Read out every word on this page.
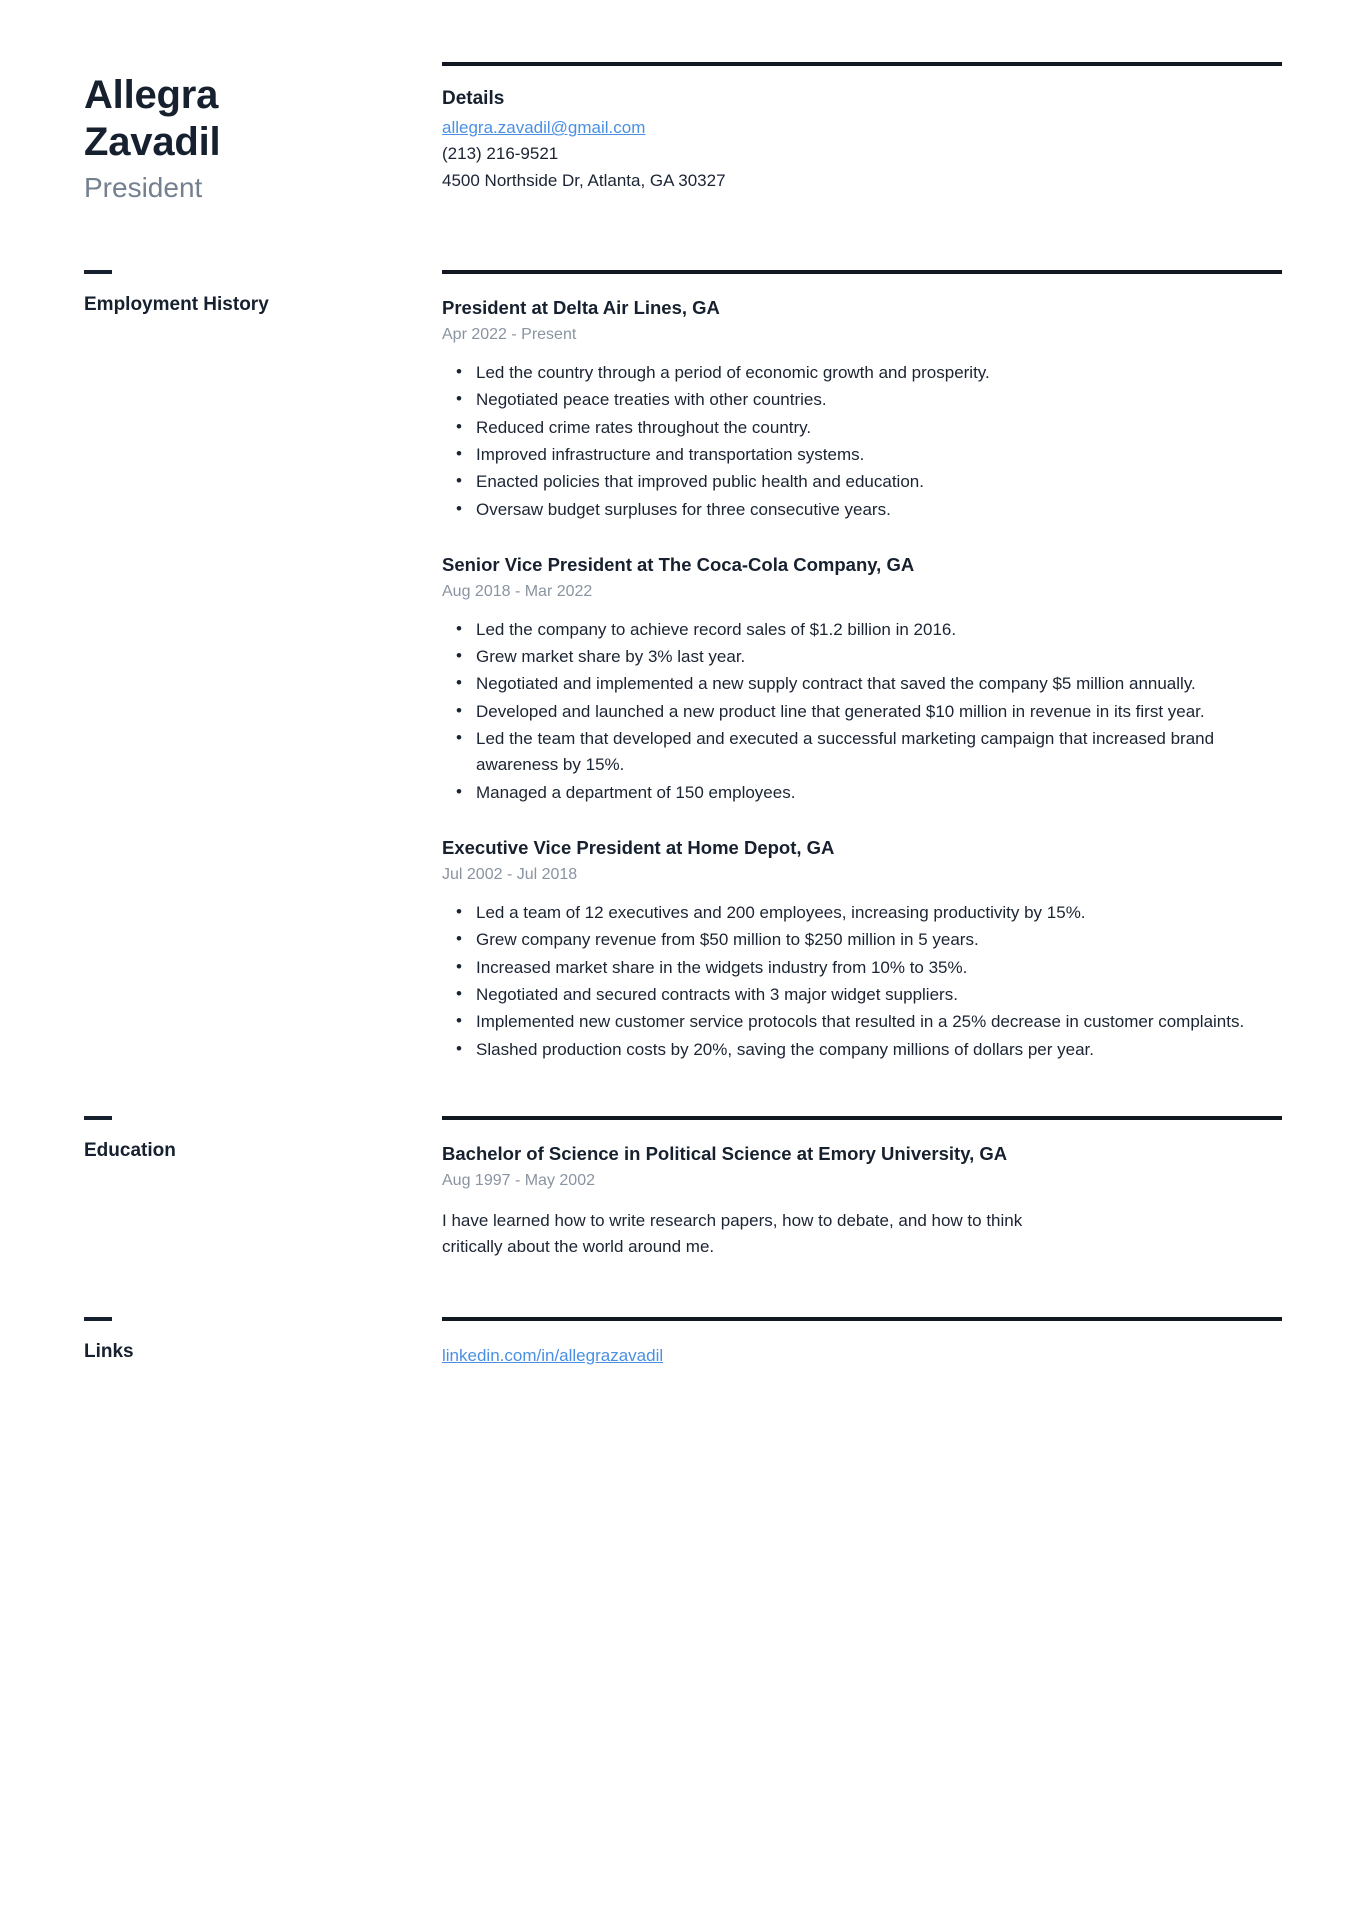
Allegra
Zavadil
President
Details
allegra.zavadil@gmail.com
(213) 216-9521
4500 Northside Dr, Atlanta, GA 30327
Employment History	President at Delta Air Lines, GA
Apr 2022 - Present
• Led the country through a period of economic growth and prosperity.
• Negotiated peace treaties with other countries.
• Reduced crime rates throughout the country.
• Improved infrastructure and transportation systems.
• Enacted policies that improved public health and education.
• Oversaw budget surpluses for three consecutive years.
Senior Vice President at The Coca-Cola Company, GA
Aug 2018 - Mar 2022
• Led the company to achieve record sales of $1.2 billion in 2016.
• Grew market share by 3% last year.
• Negotiated and implemented a new supply contract that saved the company $5 million annually.
• Developed and launched a new product line that generated $10 million in revenue in its first year.
• Led the team that developed and executed a successful marketing campaign that increased brand awareness by 15%.
• Managed a department of 150 employees.
Executive Vice President at Home Depot, GA
Jul 2002 - Jul 2018
• Led a team of 12 executives and 200 employees, increasing productivity by 15%.
• Grew company revenue from $50 million to $250 million in 5 years.
• Increased market share in the widgets industry from 10% to 35%.
• Negotiated and secured contracts with 3 major widget suppliers.
• Implemented new customer service protocols that resulted in a 25% decrease in customer complaints.
• Slashed production costs by 20%, saving the company millions of dollars per year.
Education	Bachelor of Science in Political Science at Emory University, GA
Aug 1997 - May 2002
I have learned how to write research papers, how to debate, and how to think critically about the world around me.
Links	linkedin.com/in/allegrazavadil
